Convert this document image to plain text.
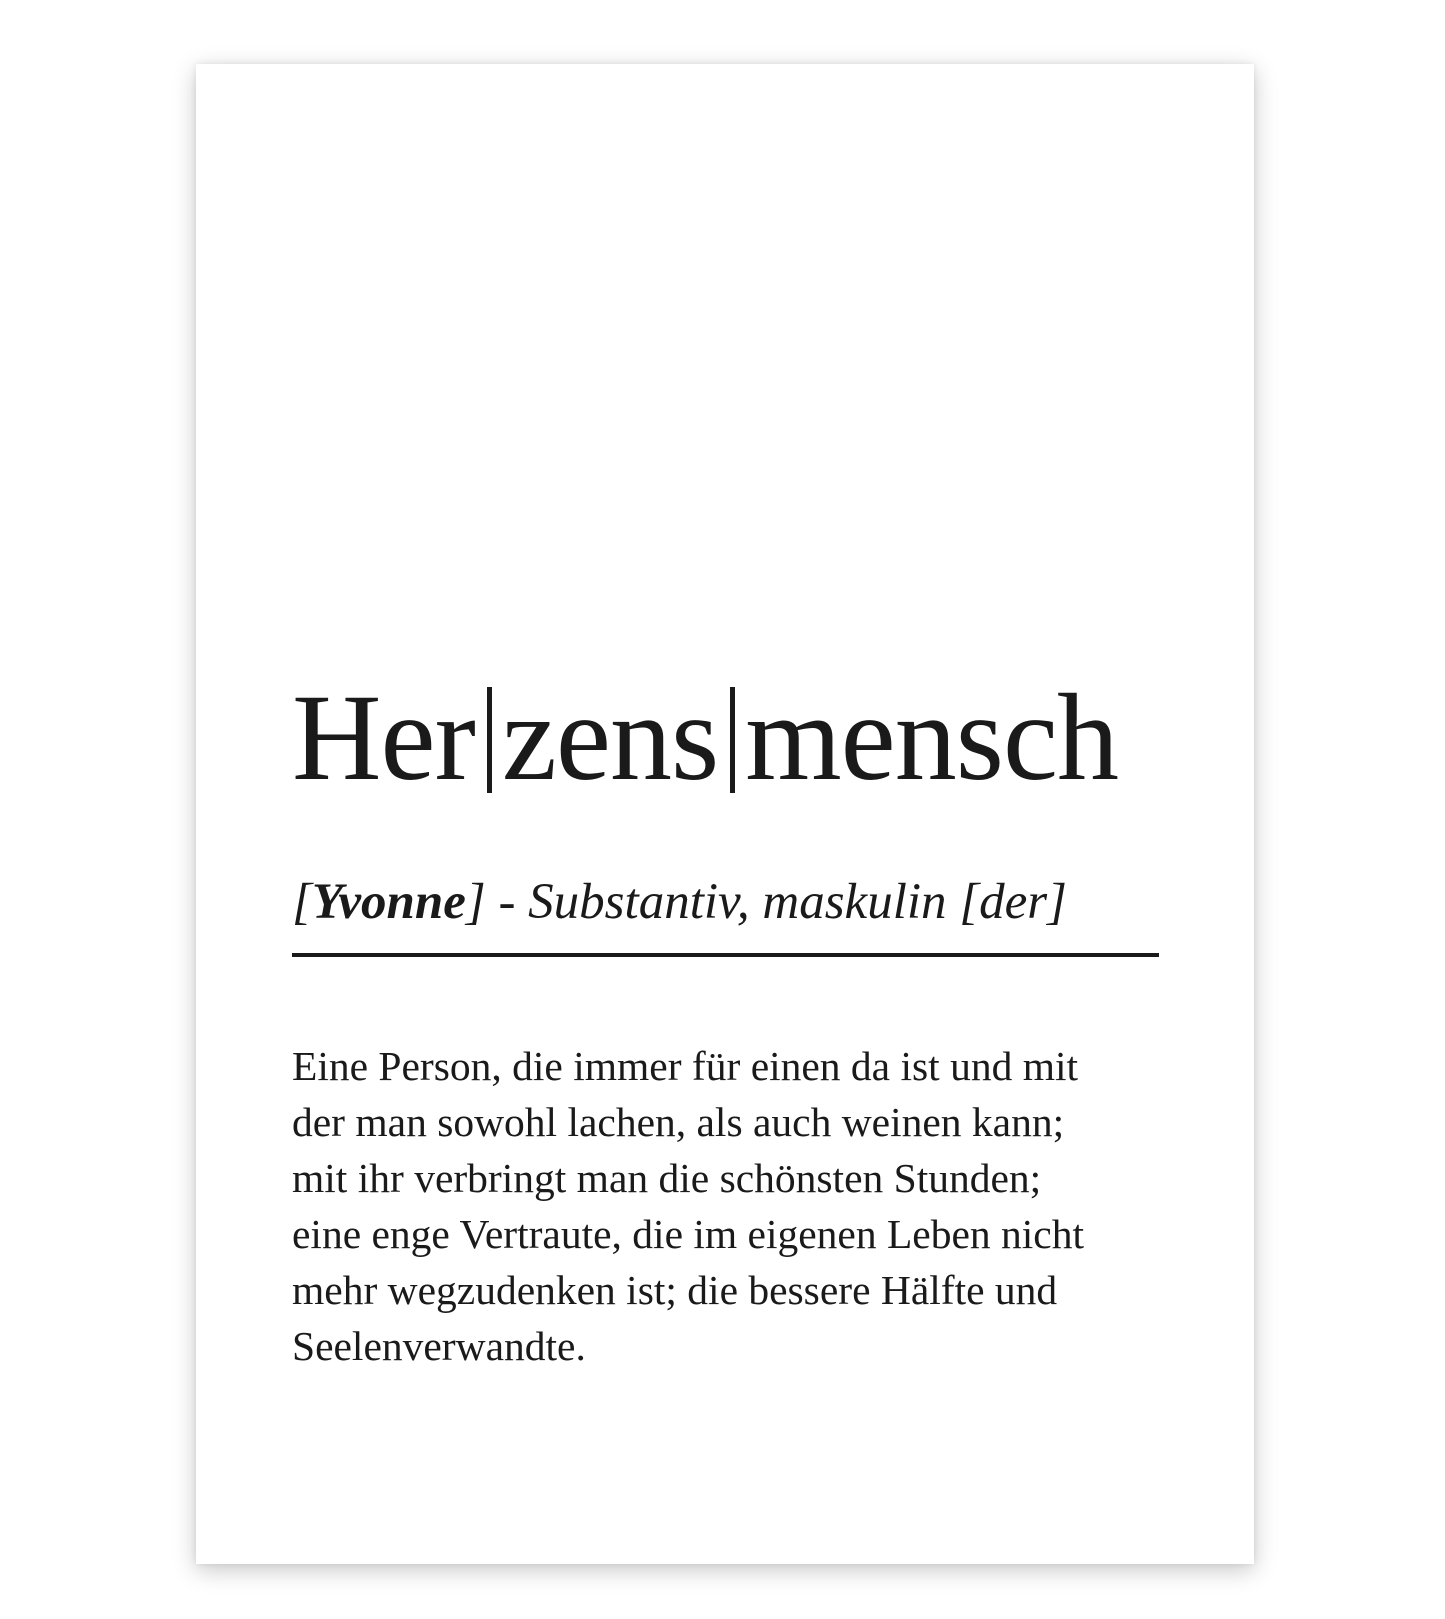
Her zens mensch
[Yvonne] - Substantiv, maskulin [der]
Eine Person, die immer für einen da ist und mit
der man sowohl lachen, als auch weinen kann;
mit ihr verbringt man die schönsten Stunden;
eine enge Vertraute, die im eigenen Leben nicht
mehr wegzudenken ist; die bessere Hälfte und
Seelenverwandte.
